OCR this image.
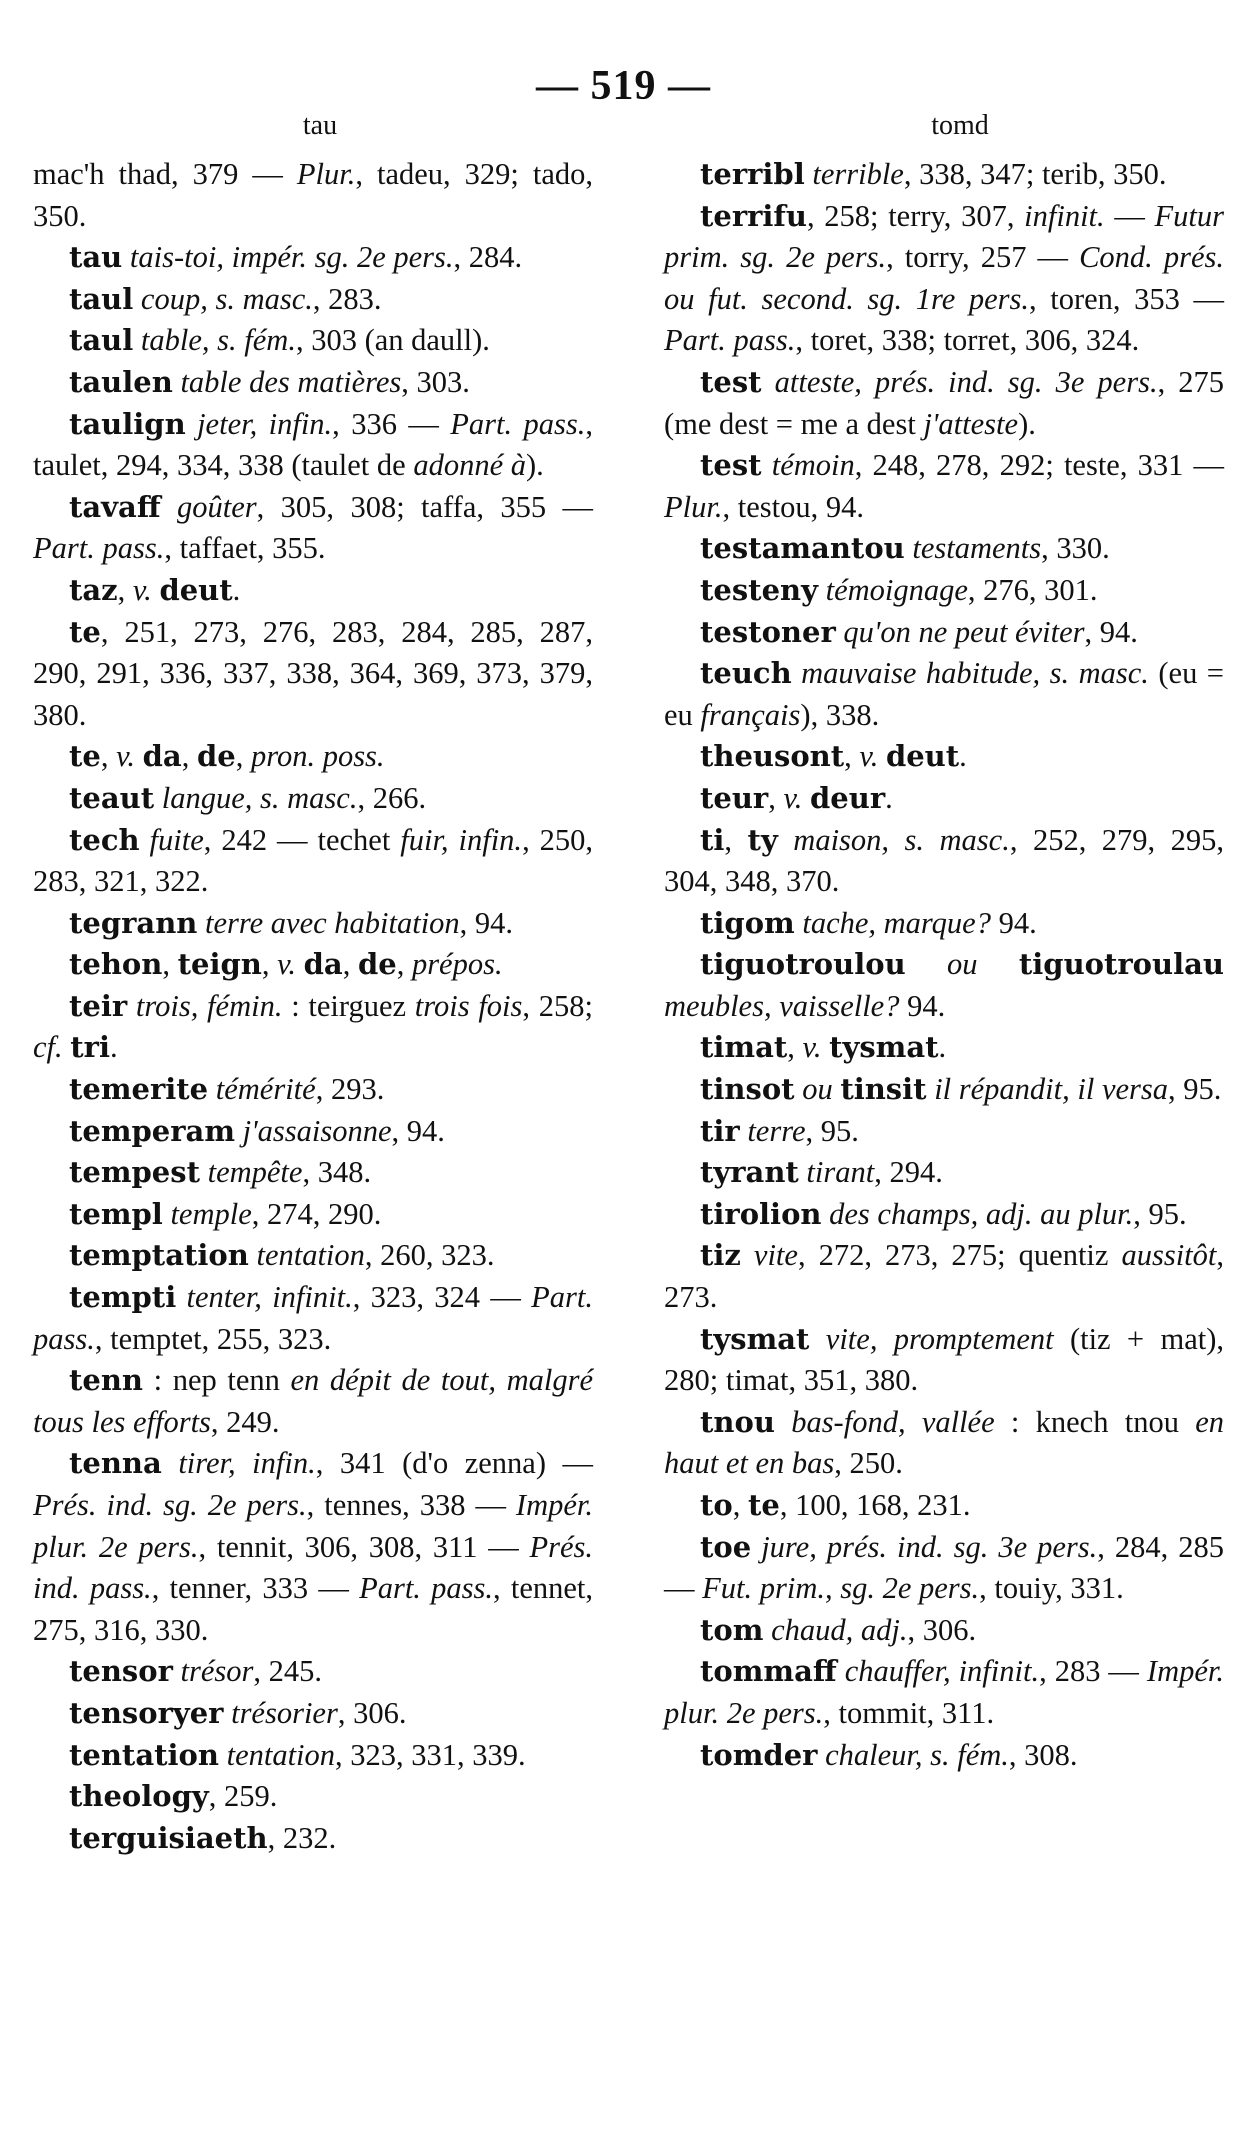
— 519 —
tau	tomd

mac'h thad, 379 — Plur., tadeu, 329; tado, 350.

tau tais-toi, impér. sg. 2e pers., 284.

taul coup, s. masc., 283.

taul table, s. fém., 303 (an daull).

taulen table des matières, 303.

taulign jeter, infin., 336 — Part. pass., taulet, 294, 334, 338 (taulet de adonné à).

tavaff goûter, 305, 308; taffa, 355 — Part. pass., taffaet, 355.

taz, v. deut.

te, 251, 273, 276, 283, 284, 285, 287, 290, 291, 336, 337, 338, 364, 369, 373, 379, 380.

te, v. da, de, pron. poss.

teaut langue, s. masc., 266.

tech fuite, 242 — techet fuir, infin., 250, 283, 321, 322.

tegrann terre avec habitation, 94.

tehon, teign, v. da, de, prépos.

teir trois, fémin. : teirguez trois fois, 258; cf. tri.

temerite témérité, 293.

temperam j'assaisonne, 94.

tempest tempête, 348.

templ temple, 274, 290.

temptation tentation, 260, 323.

tempti tenter, infinit., 323, 324 — Part. pass., temptet, 255, 323.

tenn : nep tenn en dépit de tout, malgré tous les efforts, 249.

tenna tirer, infin., 341 (d'o zenna) — Prés. ind. sg. 2e pers., tennes, 338 — Impér. plur. 2e pers., tennit, 306, 308, 311 — Prés. ind. pass., tenner, 333 — Part. pass., tennet, 275, 316, 330.

tensor trésor, 245.

tensoryer trésorier, 306.

tentation tentation, 323, 331, 339.

theology, 259.

terguisiaeth, 232.

terribl terrible, 338, 347; terib, 350.

terrifu, 258; terry, 307, infinit. — Futur prim. sg. 2e pers., torry, 257 — Cond. prés. ou fut. second. sg. 1re pers., toren, 353 — Part. pass., toret, 338; torret, 306, 324.

test atteste, prés. ind. sg. 3e pers., 275 (me dest = me a dest j'atteste).

test témoin, 248, 278, 292; teste, 331 — Plur., testou, 94.

testamantou testaments, 330.

testeny témoignage, 276, 301.

testoner qu'on ne peut éviter, 94.

teuch mauvaise habitude, s. masc. (eu = eu français), 338.

theusont, v. deut.

teur, v. deur.

ti, ty maison, s. masc., 252, 279, 295, 304, 348, 370.

tigom tache, marque? 94.

tiguotroulou ou tiguotroulau meubles, vaisselle? 94.

timat, v. tysmat.

tinsot ou tinsit il répandit, il versa, 95.

tir terre, 95.

tyrant tirant, 294.

tirolion des champs, adj. au plur., 95.

tiz vite, 272, 273, 275; quentiz aussitôt, 273.

tysmat vite, promptement (tiz + mat), 280; timat, 351, 380.

tnou bas-fond, vallée : knech tnou en haut et en bas, 250.

to, te, 100, 168, 231.

toe jure, prés. ind. sg. 3e pers., 284, 285 — Fut. prim., sg. 2e pers., touiy, 331.

tom chaud, adj., 306.

tommaff chauffer, infinit., 283 — Impér. plur. 2e pers., tommit, 311.

tomder chaleur, s. fém., 308.
